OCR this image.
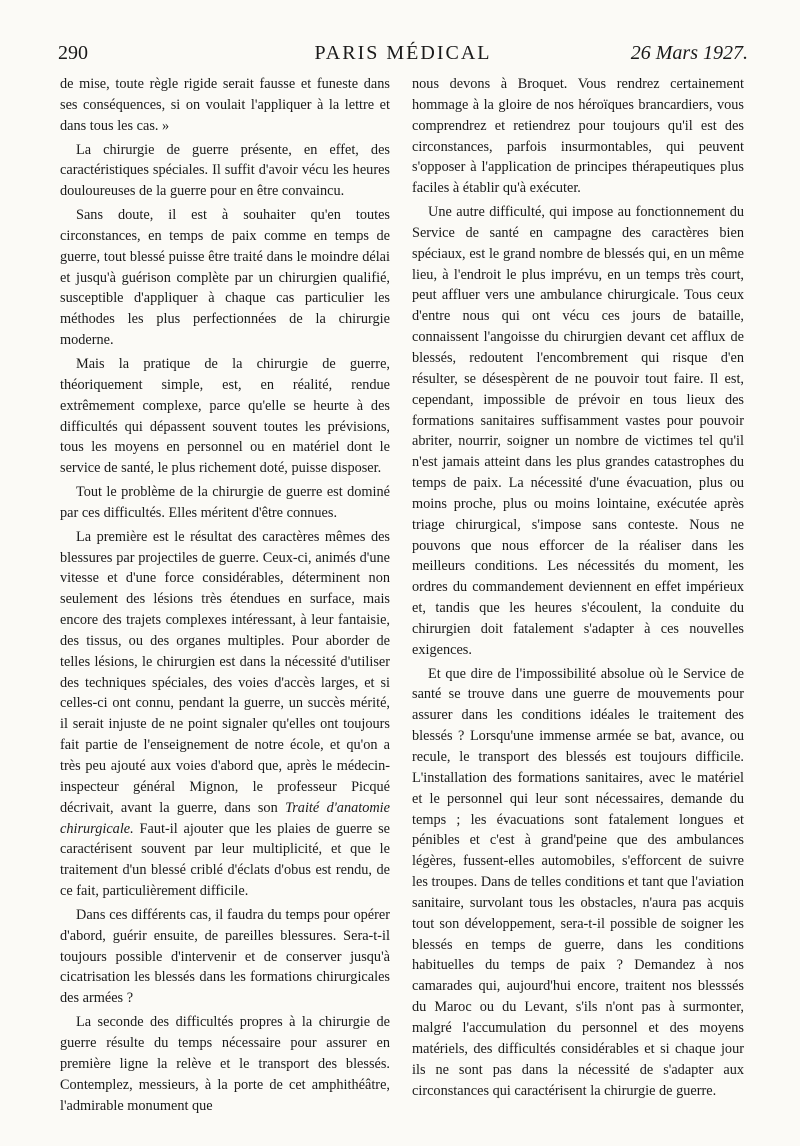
290	PARIS MÉDICAL	26 Mars 1927.

de mise, toute règle rigide serait fausse et funeste dans ses conséquences, si on voulait l'appliquer à la lettre et dans tous les cas. »

La chirurgie de guerre présente, en effet, des caractéristiques spéciales. Il suffit d'avoir vécu les heures douloureuses de la guerre pour en être convaincu.

Sans doute, il est à souhaiter qu'en toutes circonstances, en temps de paix comme en temps de guerre, tout blessé puisse être traité dans le moindre délai et jusqu'à guérison complète par un chirurgien qualifié, susceptible d'appliquer à chaque cas particulier les méthodes les plus perfectionnées de la chirurgie moderne.

Mais la pratique de la chirurgie de guerre, théoriquement simple, est, en réalité, rendue extrêmement complexe, parce qu'elle se heurte à des difficultés qui dépassent souvent toutes les prévisions, tous les moyens en personnel ou en matériel dont le service de santé, le plus richement doté, puisse disposer.

Tout le problème de la chirurgie de guerre est dominé par ces difficultés. Elles méritent d'être connues.

La première est le résultat des caractères mêmes des blessures par projectiles de guerre. Ceux-ci, animés d'une vitesse et d'une force considérables, déterminent non seulement des lésions très étendues en surface, mais encore des trajets complexes intéressant, à leur fantaisie, des tissus, ou des organes multiples. Pour aborder de telles lésions, le chirurgien est dans la nécessité d'utiliser des techniques spéciales, des voies d'accès larges, et si celles-ci ont connu, pendant la guerre, un succès mérité, il serait injuste de ne point signaler qu'elles ont toujours fait partie de l'enseignement de notre école, et qu'on a très peu ajouté aux voies d'abord que, après le médecin-inspecteur général Mignon, le professeur Picqué décrivait, avant la guerre, dans son Traité d'anatomie chirurgicale. Faut-il ajouter que les plaies de guerre se caractérisent souvent par leur multiplicité, et que le traitement d'un blessé criblé d'éclats d'obus est rendu, de ce fait, particulièrement difficile.

Dans ces différents cas, il faudra du temps pour opérer d'abord, guérir ensuite, de pareilles blessures. Sera-t-il toujours possible d'intervenir et de conserver jusqu'à cicatrisation les blessés dans les formations chirurgicales des armées ?

La seconde des difficultés propres à la chirurgie de guerre résulte du temps nécessaire pour assurer en première ligne la relève et le transport des blessés. Contemplez, messieurs, à la porte de cet amphithéâtre, l'admirable monument que

nous devons à Broquet. Vous rendrez certainement hommage à la gloire de nos héroïques brancardiers, vous comprendrez et retiendrez pour toujours qu'il est des circonstances, parfois insurmontables, qui peuvent s'opposer à l'application de principes thérapeutiques plus faciles à établir qu'à exécuter.

Une autre difficulté, qui impose au fonctionnement du Service de santé en campagne des caractères bien spéciaux, est le grand nombre de blessés qui, en un même lieu, à l'endroit le plus imprévu, en un temps très court, peut affluer vers une ambulance chirurgicale. Tous ceux d'entre nous qui ont vécu ces jours de bataille, connaissent l'angoisse du chirurgien devant cet afflux de blessés, redoutent l'encombrement qui risque d'en résulter, se désespèrent de ne pouvoir tout faire. Il est, cependant, impossible de prévoir en tous lieux des formations sanitaires suffisamment vastes pour pouvoir abriter, nourrir, soigner un nombre de victimes tel qu'il n'est jamais atteint dans les plus grandes catastrophes du temps de paix. La nécessité d'une évacuation, plus ou moins proche, plus ou moins lointaine, exécutée après triage chirurgical, s'impose sans conteste. Nous ne pouvons que nous efforcer de la réaliser dans les meilleurs conditions. Les nécessités du moment, les ordres du commandement deviennent en effet impérieux et, tandis que les heures s'écoulent, la conduite du chirurgien doit fatalement s'adapter à ces nouvelles exigences.

Et que dire de l'impossibilité absolue où le Service de santé se trouve dans une guerre de mouvements pour assurer dans les conditions idéales le traitement des blessés ? Lorsqu'une immense armée se bat, avance, ou recule, le transport des blessés est toujours difficile. L'installation des formations sanitaires, avec le matériel et le personnel qui leur sont nécessaires, demande du temps ; les évacuations sont fatalement longues et pénibles et c'est à grand'peine que des ambulances légères, fussent-elles automobiles, s'efforcent de suivre les troupes. Dans de telles conditions et tant que l'aviation sanitaire, survolant tous les obstacles, n'aura pas acquis tout son développement, sera-t-il possible de soigner les blessés en temps de guerre, dans les conditions habituelles du temps de paix ? Demandez à nos camarades qui, aujourd'hui encore, traitent nos blesssés du Maroc ou du Levant, s'ils n'ont pas à surmonter, malgré l'accumulation du personnel et des moyens matériels, des difficultés considérables et si chaque jour ils ne sont pas dans la nécessité de s'adapter aux circonstances qui caractérisent la chirurgie de guerre.
